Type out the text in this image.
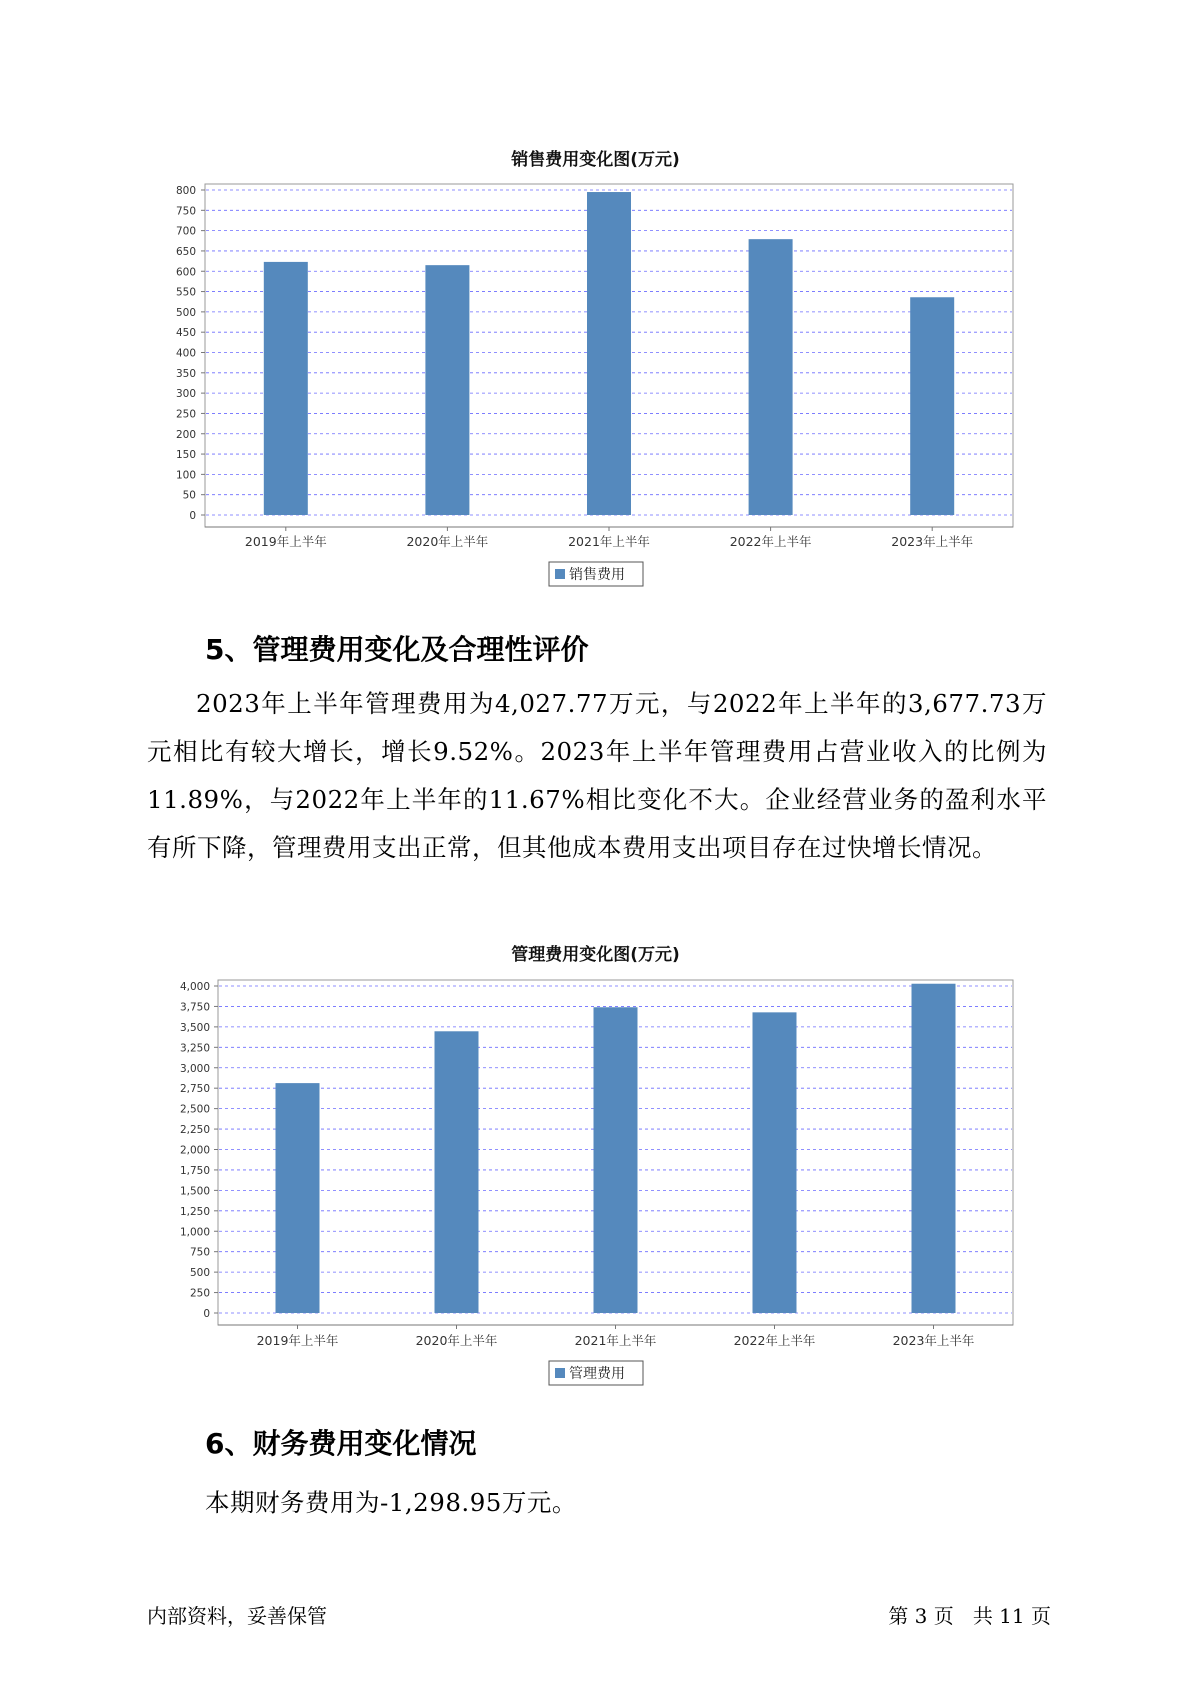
销售费用变化图(万元)
0
50
100
150
200
250
300
350
400
450
500
550
600
650
700
750
800
2019年上半年	2020年上半年	2021年上半年	2022年上半年	2023年上半年
销售费用
5、管理费用变化及合理性评价

2023年上半年管理费用为4,027.77万元，与2022年上半年的3,677.73万元相比有较大增长，增长9.52%。2023年上半年管理费用占营业收入的比例为11.89%，与2022年上半年的11.67%相比变化不大。企业经营业务的盈利水平有所下降，管理费用支出正常，但其他成本费用支出项目存在过快增长情况。

管理费用变化图(万元)
0
250
500
750
1,000
1,250
1,500
1,750
2,000
2,250
2,500
2,750
3,000
3,250
3,500
3,750
4,000
2019年上半年	2020年上半年	2021年上半年	2022年上半年	2023年上半年
管理费用
6、财务费用变化情况
本期财务费用为-1,298.95万元。
内部资料，妥善保管	第 3 页   共 11 页
